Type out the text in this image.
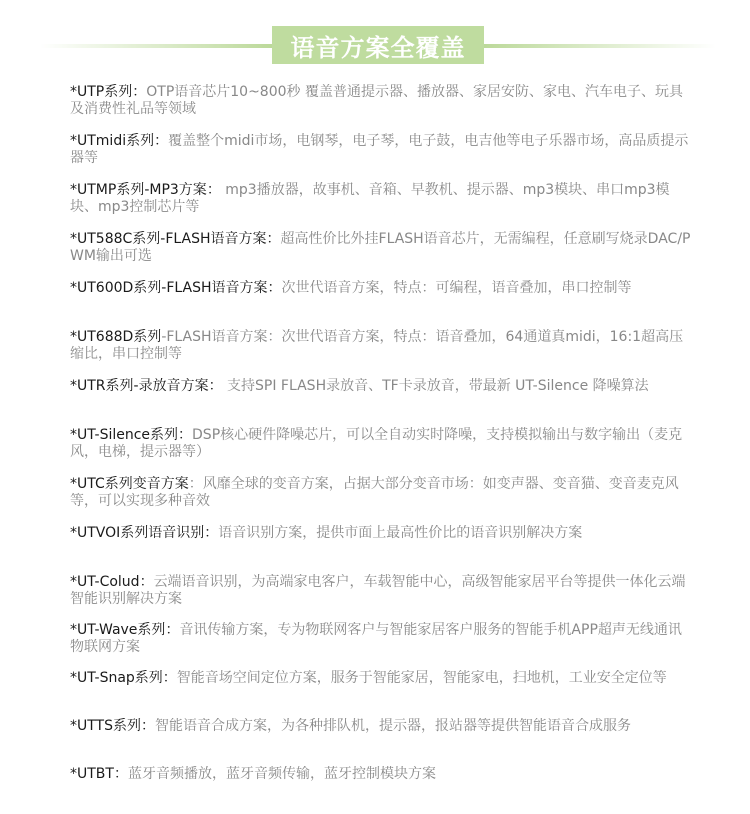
语音方案全覆盖

*UTP系列：OTP语音芯片10~800秒 覆盖普通提示器、播放器、家居安防、家电、汽车电子、玩具及消费性礼品等领域

*UTmidi系列：覆盖整个midi市场，电钢琴，电子琴，电子鼓，电吉他等电子乐器市场，高品质提示器等

*UTMP系列-MP3方案： mp3播放器，故事机、音箱、早教机、提示器、mp3模块、串口mp3模块、mp3控制芯片等

*UT588C系列-FLASH语音方案：超高性价比外挂FLASH语音芯片，无需编程，任意刷写烧录DAC/PWM输出可选

*UT600D系列-FLASH语音方案：次世代语音方案，特点：可编程，语音叠加，串口控制等

*UT688D系列-FLASH语音方案：次世代语音方案，特点：语音叠加，64通道真midi，16:1超高压缩比，串口控制等

*UTR系列-录放音方案： 支持SPI FLASH录放音、TF卡录放音，带最新 UT-Silence 降噪算法

*UT-Silence系列：DSP核心硬件降噪芯片，可以全自动实时降噪，支持模拟输出与数字输出（麦克风，电梯，提示器等）

*UTC系列变音方案：风靡全球的变音方案，占据大部分变音市场：如变声器、变音猫、变音麦克风等，可以实现多种音效

*UTVOI系列语音识别：语音识别方案，提供市面上最高性价比的语音识别解决方案

*UT-Colud：云端语音识别，为高端家电客户，车载智能中心，高级智能家居平台等提供一体化云端智能识别解决方案

*UT-Wave系列：音讯传输方案，专为物联网客户与智能家居客户服务的智能手机APP超声无线通讯物联网方案

*UT-Snap系列：智能音场空间定位方案，服务于智能家居，智能家电，扫地机，工业安全定位等

*UTTS系列：智能语音合成方案，为各种排队机，提示器，报站器等提供智能语音合成服务

*UTBT：蓝牙音频播放，蓝牙音频传输，蓝牙控制模块方案
